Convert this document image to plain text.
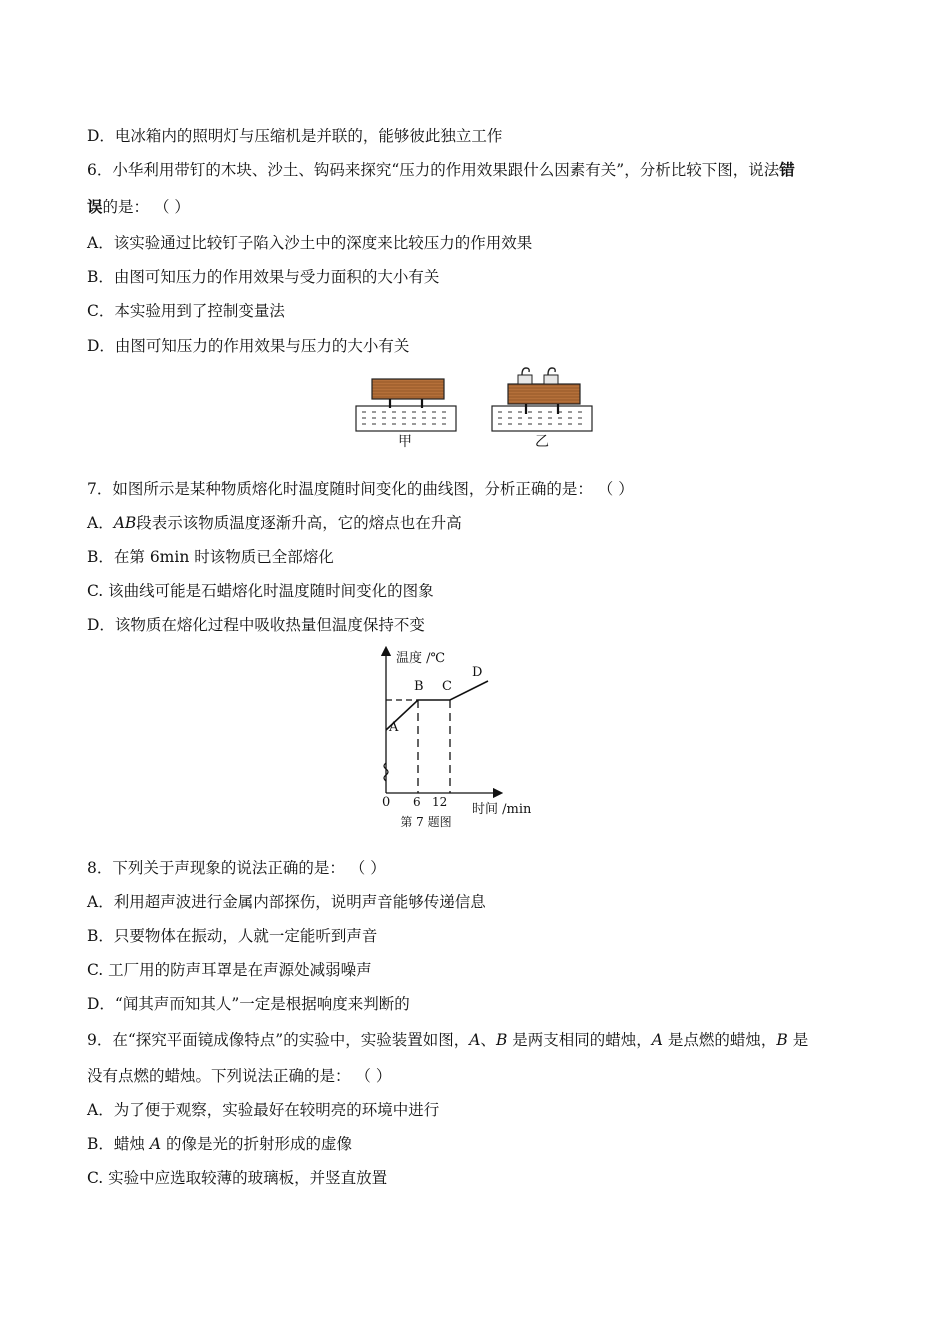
D．电冰箱内的照明灯与压缩机是并联的，能够彼此独立工作
6．小华利用带钉的木块、沙土、钩码来探究“压力的作用效果跟什么因素有关”，分析比较下图，说法错
误的是： （ ）
A．该实验通过比较钉子陷入沙土中的深度来比较压力的作用效果
B．由图可知压力的作用效果与受力面积的大小有关
C．本实验用到了控制变量法
D．由图可知压力的作用效果与压力的大小有关
甲	乙
7．如图所示是某种物质熔化时温度随时间变化的曲线图，分析正确的是： （ ）
A．AB段表示该物质温度逐渐升高，它的熔点也在升高
B．在第 6min 时该物质已全部熔化
C. 该曲线可能是石蜡熔化时温度随时间变化的图象
D．该物质在熔化过程中吸收热量但温度保持不变
温度 /℃
A
B C
D
0 6 12 时间 /min
第 7 题图
8．下列关于声现象的说法正确的是： （ ）
A．利用超声波进行金属内部探伤，说明声音能够传递信息
B．只要物体在振动，人就一定能听到声音
C. 工厂用的防声耳罩是在声源处减弱噪声
D．“闻其声而知其人”一定是根据响度来判断的
9．在“探究平面镜成像特点”的实验中，实验装置如图，A、B 是两支相同的蜡烛，A 是点燃的蜡烛，B 是
没有点燃的蜡烛。下列说法正确的是： （ ）
A．为了便于观察，实验最好在较明亮的环境中进行
B．蜡烛 A 的像是光的折射形成的虚像
C. 实验中应选取较薄的玻璃板，并竖直放置
